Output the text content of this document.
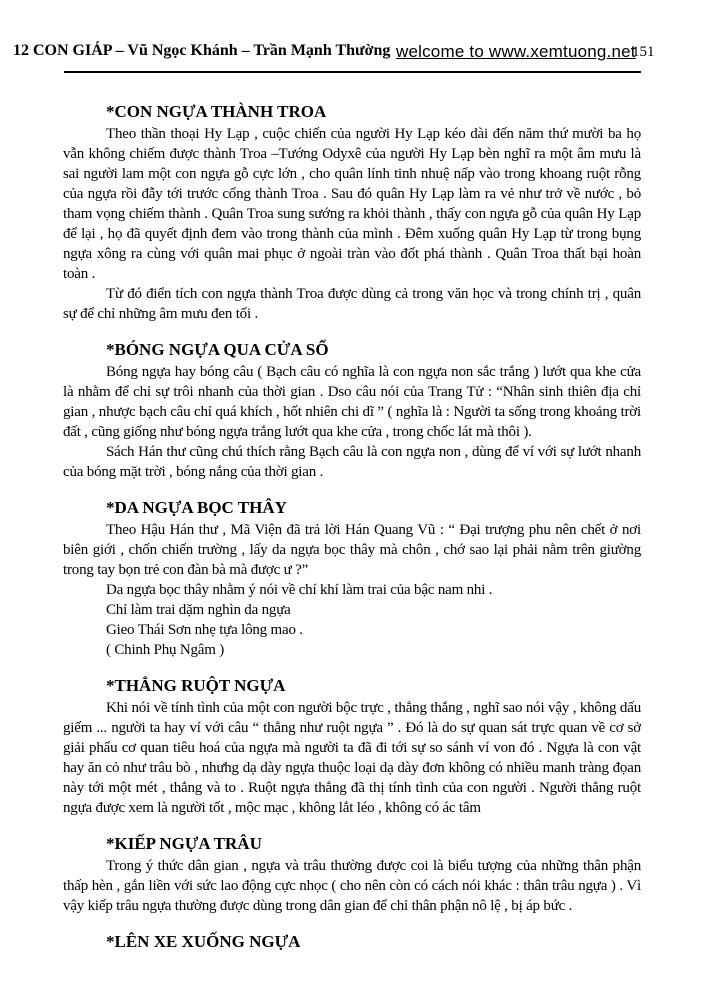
12 CON GIÁP – Vũ Ngọc Khánh – Trần Mạnh Thường welcome to www.xemtuong.net
151
*CON NGỰA THÀNH TROA

Theo thần thoại Hy Lạp , cuộc chiến của người Hy Lạp kéo dài đến năm thứ mười ba họ vẫn không chiếm được thành Troa –Tướng Odyxê của người Hy Lạp bèn nghĩ ra một âm mưu là sai người lam một con ngựa gỗ cực lớn , cho quân lính tinh nhuệ nấp vào trong khoang ruột rỗng của ngựa rồi đẫy tới trước cổng thành Troa . Sau đó quân Hy Lạp làm ra vẻ như trở về nước , bỏ tham vọng chiếm thành . Quân Troa sung sướng ra khỏi thành , thấy con ngựa gỗ của quân Hy Lạp để lại , họ đã quyết định đem vào trong thành của mình . Đêm xuống quân Hy Lạp từ trong bụng ngựa xông ra cùng với quân mai phục ở ngoài tràn vào đốt phá thành . Quân Troa thất bại hoàn toàn .

Từ đó điển tích con ngựa thành Troa được dùng cả trong văn học và trong chính trị , quân sự để chỉ những âm mưu đen tối .

*BÓNG NGỰA QUA CỬA SỔ

Bóng ngựa hay bóng câu ( Bạch câu có nghĩa là con ngựa non sắc trắng ) lướt qua khe cửa là nhằm để chỉ sự trôi nhanh của thời gian . Dso câu nói của Trang Tử : “Nhân sinh thiên địa chỉ gian , nhược bạch câu chỉ quá khích , hốt nhiên chi dĩ ” ( nghĩa là : Người ta sống trong khoảng trời đất , cũng giống như bóng ngựa trắng lướt qua khe cửa , trong chốc lát mà thôi ).

Sách Hán thư cũng chú thích rằng Bạch câu là con ngựa non , dùng để ví với sự lướt nhanh của bóng mặt trời , bóng nắng của thời gian .

*DA NGỰA BỌC THÂY

Theo Hậu Hán thư , Mã Viện đã trả lời Hán Quang Vũ : “ Đại trượng phu nên chết ở nơi biên giới , chốn chiến trường , lấy da ngựa bọc thây mà chôn , chớ sao lại phải nằm trên giường trong tay bọn trẻ con đàn bà mà được ư ?”

Da ngựa bọc thây nhằm ý nói về chí khí làm trai của bậc nam nhi .

Chỉ làm trai dặm nghìn da ngựa

Gieo Thái Sơn nhẹ tựa lông mao .

( Chinh Phụ Ngâm )

*THẲNG RUỘT NGỰA

Khi nói về tính tình của một con người bộc trực , thẳng thắng , nghĩ sao nói vậy , không dấu giếm ... người ta hay ví với câu “ thẳng như ruột ngựa ” . Đó là do sự quan sát trực quan về cơ sở giải phẩu cơ quan tiêu hoá của ngựa mà người ta đã đi tới sự so sánh ví von đó . Ngựa là con vật hay ăn cỏ như trâu bò , nhưhg dạ dày ngựa thuộc loại dạ dày đơn không có nhiều manh tràng đọan này tới một mét , thẳng và to . Ruột ngựa thẳng đã thị tính tình của con người . Người thẳng ruột ngựa được xem là người tốt , mộc mạc , không lắt léo , không có ác tâm

*KIẾP NGỰA TRÂU

Trong ý thức dân gian , ngựa và trâu thường được coi là biểu tượng của những thân phận thấp hèn , gắn liền với sức lao động cực nhọc ( cho nên còn có cách nói khác : thân trâu ngựa ) . Vì vậy kiếp trâu ngựa thường được dùng trong dân gian để chỉ thân phận nô lệ , bị áp bức .

*LÊN XE XUỐNG NGỰA
